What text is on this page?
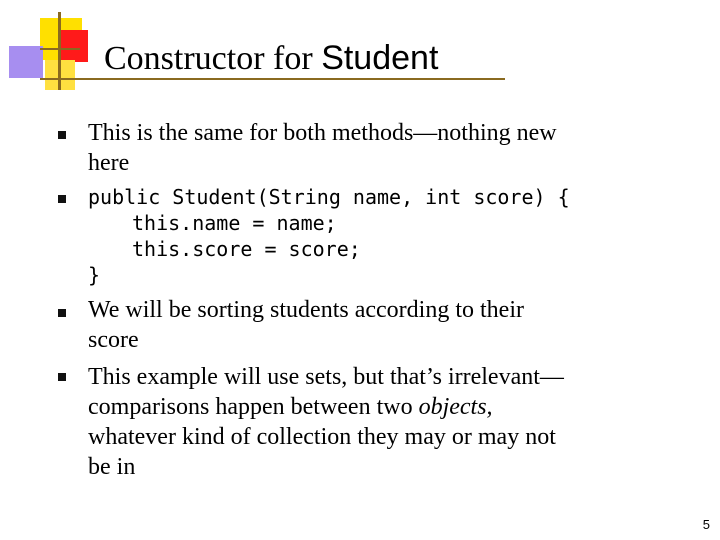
Constructor for Student
This is the same for both methods—nothing new
here
public Student(String name, int score) {
this.name = name;
this.score = score;
}
We will be sorting students according to their
score
This example will use sets, but that’s irrelevant—
comparisons happen between two objects,
whatever kind of collection they may or may not
be in
5
